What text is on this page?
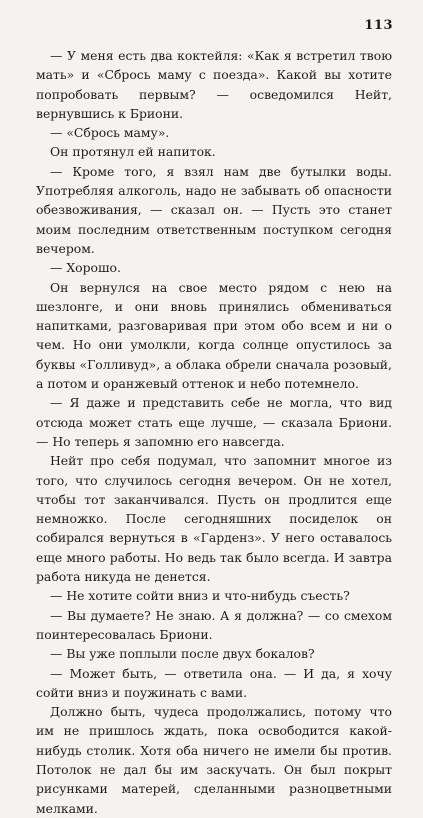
113

— У меня есть два коктейля: «Как я встретил твою мать» и «Сбрось маму с поезда». Какой вы хотите попробовать первым? — осведомился Нейт, вернувшись к Бриони.

— «Сбрось маму».

Он протянул ей напиток.

— Кроме того, я взял нам две бутылки воды. Употребляя алкоголь, надо не забывать об опасности обезвоживания, — сказал он. — Пусть это станет моим последним ответственным поступком сегодня вечером.

— Хорошо.

Он вернулся на свое место рядом с нею на шезлонге, и они вновь принялись обмениваться напитками, разговаривая при этом обо всем и ни о чем. Но они умолкли, когда солнце опустилось за буквы «Голливуд», а облака обрели сначала розовый, а потом и оранжевый оттенок и небо потемнело.

— Я даже и представить себе не могла, что вид отсюда может стать еще лучше, — сказала Бриони. — Но теперь я запомню его навсегда.

Нейт про себя подумал, что запомнит многое из того, что случилось сегодня вечером. Он не хотел, чтобы тот заканчивался. Пусть он продлится еще немножко. После сегодняшних посиделок он собирался вернуться в «Гарденз». У него оставалось еще много работы. Но ведь так было всегда. И завтра работа никуда не денется.

— Не хотите сойти вниз и что-нибудь съесть?

— Вы думаете? Не знаю. А я должна? — со смехом поинтересовалась Бриони.

— Вы уже поплыли после двух бокалов?

— Может быть, — ответила она. — И да, я хочу сойти вниз и поужинать с вами.

Должно быть, чудеса продолжались, потому что им не пришлось ждать, пока освободится какой-нибудь столик. Хотя оба ничего не имели бы против. Потолок не дал бы им заскучать. Он был покрыт рисунками матерей, сделанными разноцветными мелками.
